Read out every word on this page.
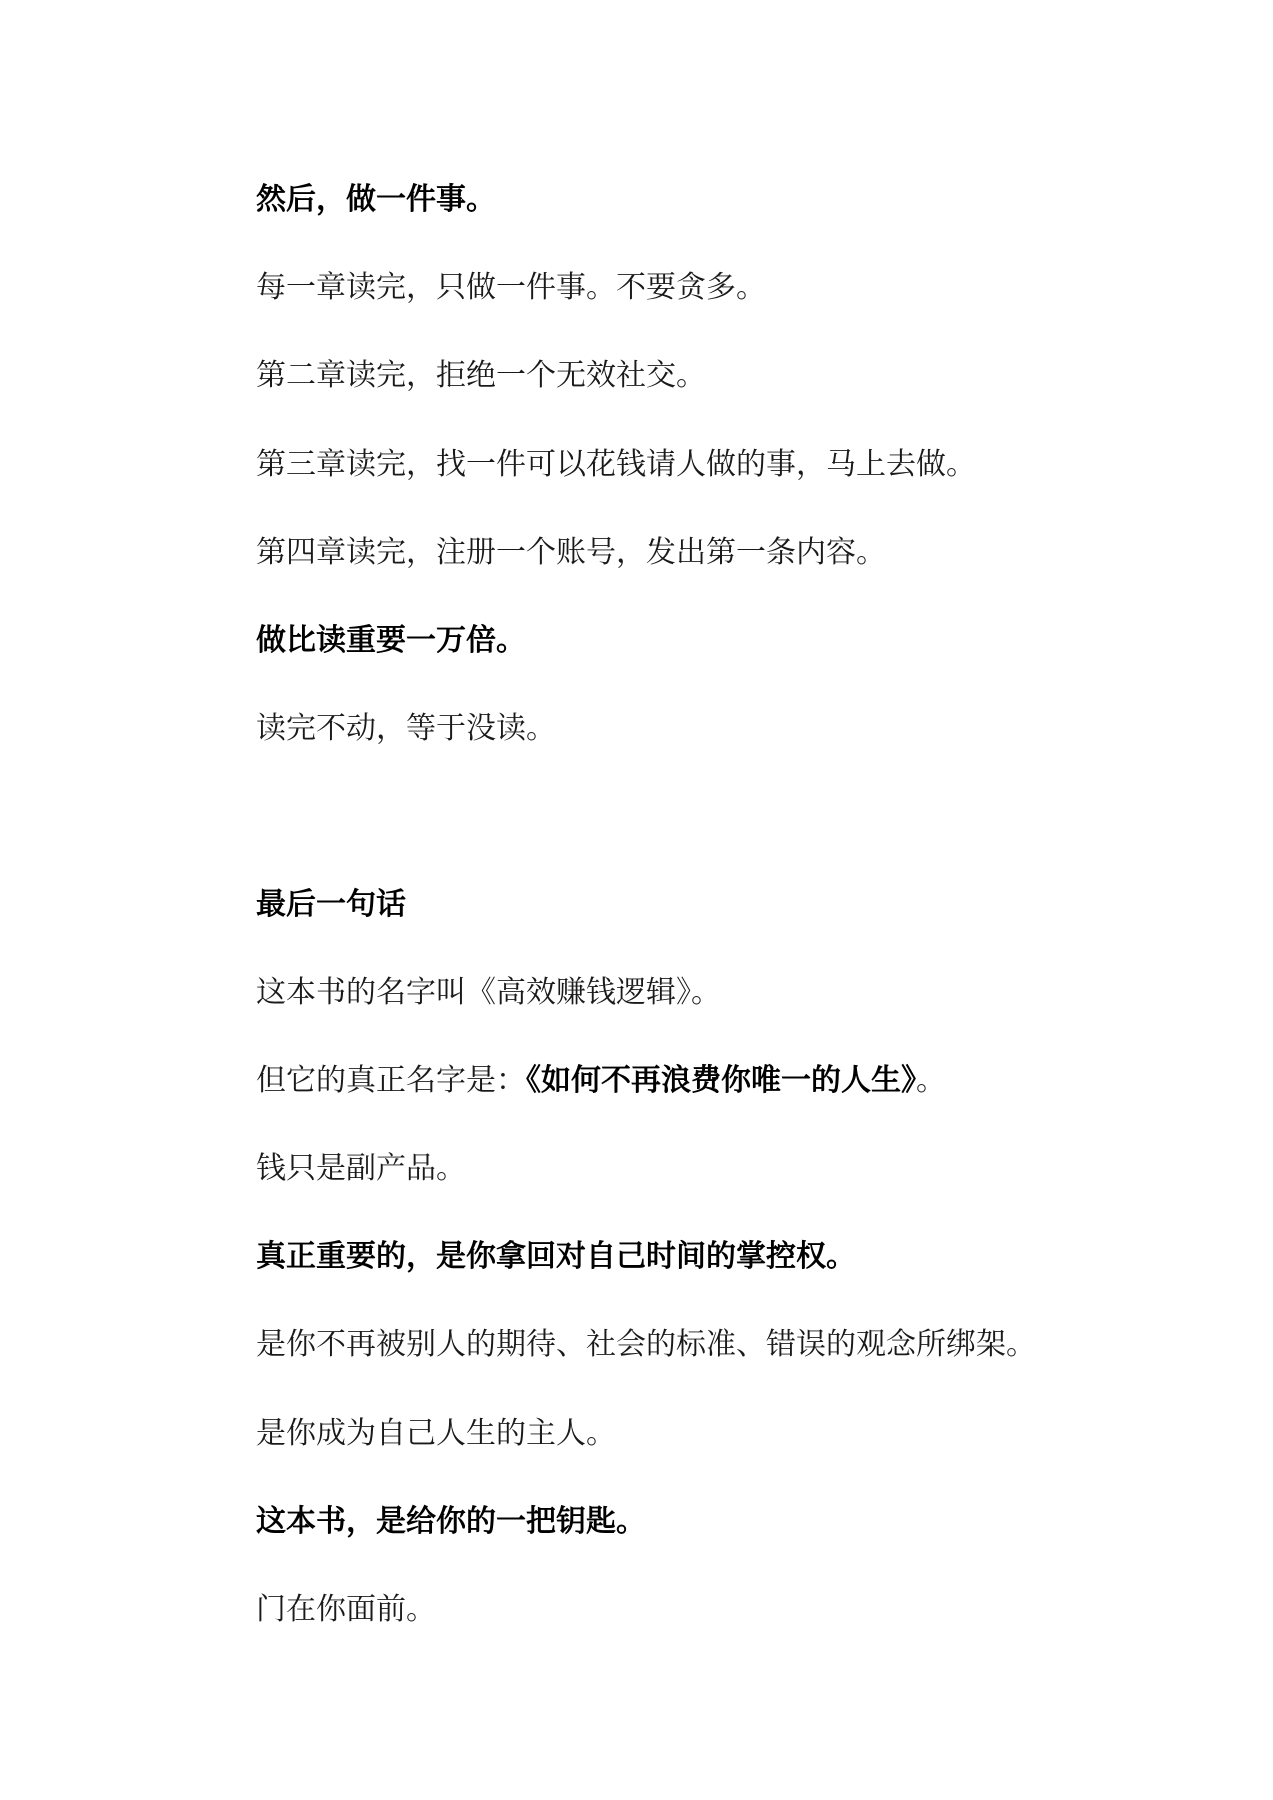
然后，做一件事。
每一章读完，只做一件事。不要贪多。
第二章读完，拒绝一个无效社交。
第三章读完，找一件可以花钱请人做的事，马上去做。
第四章读完，注册一个账号，发出第一条内容。
做比读重要一万倍。
读完不动，等于没读。
最后一句话
这本书的名字叫《高效赚钱逻辑》。
但它的真正名字是：《如何不再浪费你唯一的人生》。
钱只是副产品。
真正重要的，是你拿回对自己时间的掌控权。
是你不再被别人的期待、社会的标准、错误的观念所绑架。
是你成为自己人生的主人。
这本书，是给你的一把钥匙。
门在你面前。
